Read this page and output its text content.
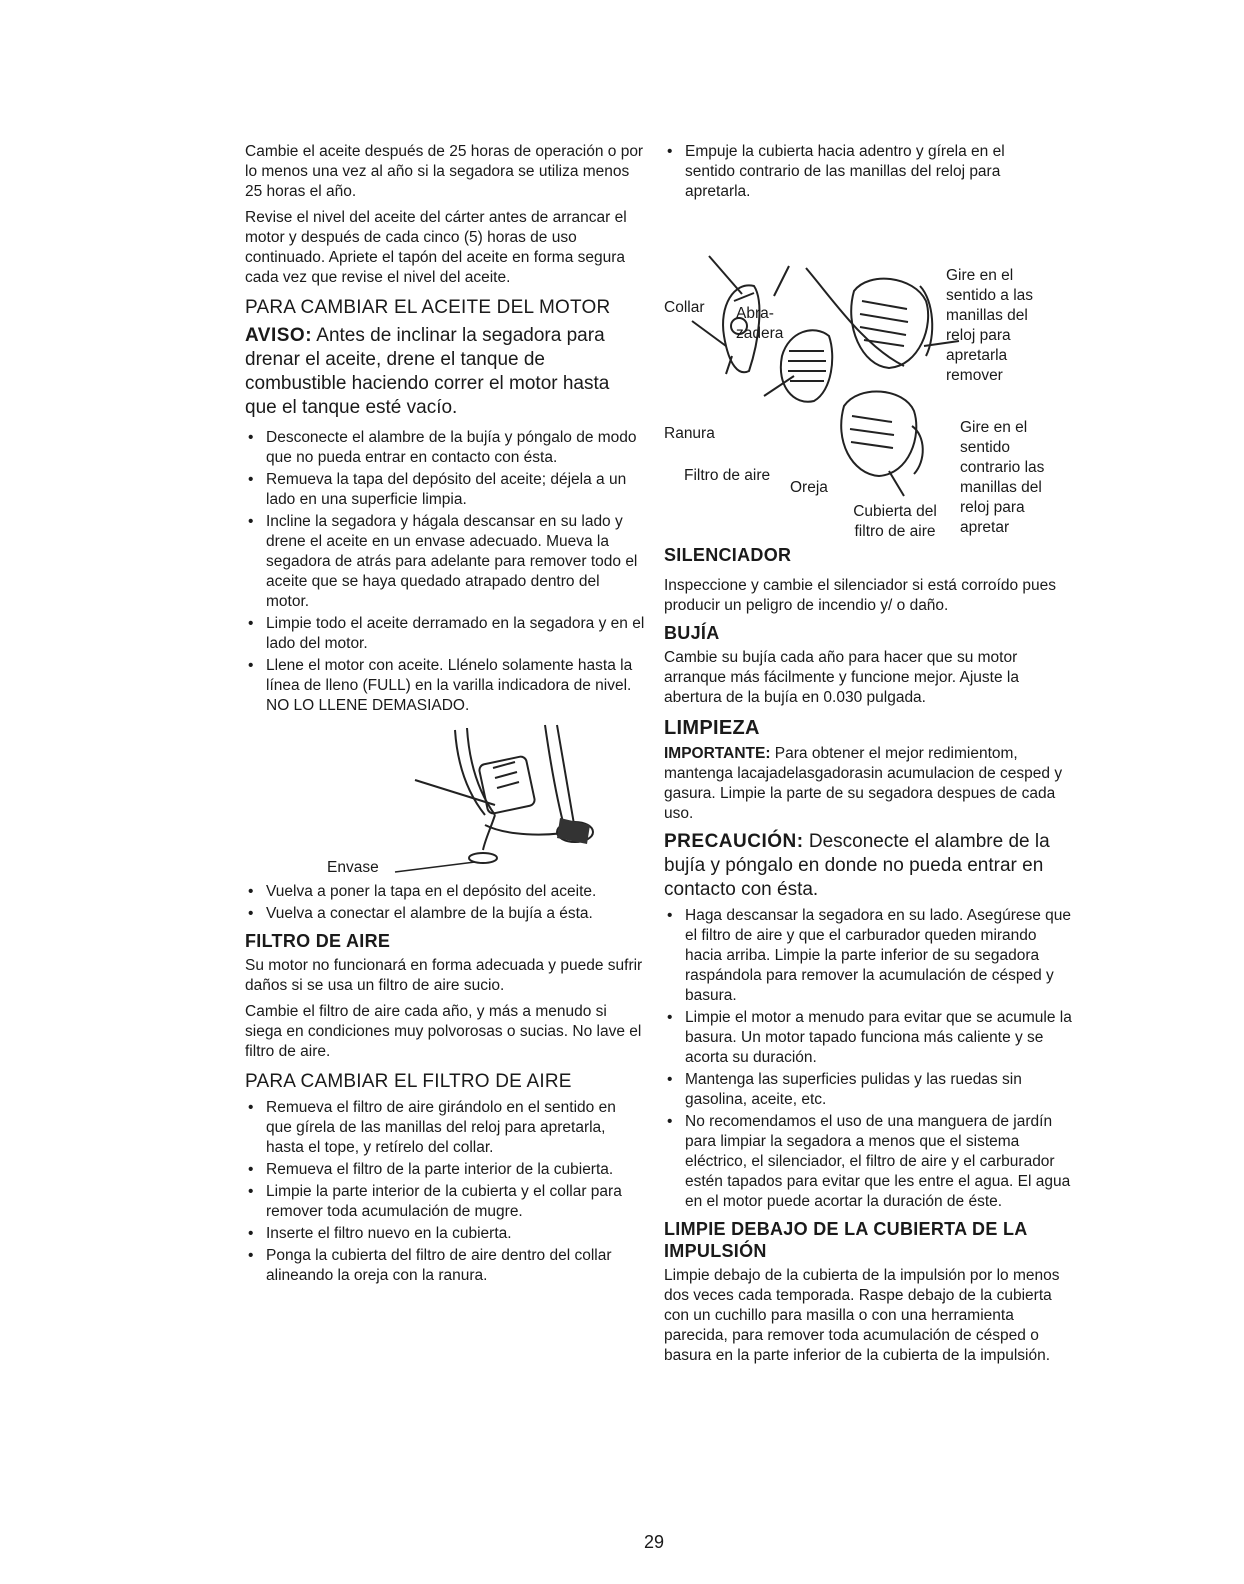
Cambie el aceite después de 25 horas de operación o por lo menos una vez al año si la segadora se utiliza menos 25 horas el año.

Revise el nivel del aceite del cárter antes de arrancar el motor y después de cada cinco (5) horas de uso continuado. Apriete el tapón del aceite en forma segura cada vez que revise el nivel del aceite.

PARA CAMBIAR EL ACEITE DEL MOTOR
AVISO: Antes de inclinar la segadora para drenar el aceite, drene el tanque de combustible haciendo correr el motor hasta que el tanque esté vacío.
• Desconecte el alambre de la bujía y póngalo de modo que no pueda entrar en contacto con ésta.
• Remueva la tapa del depósito del aceite; déjela a un lado en una superficie limpia.
• Incline la segadora y hágala descansar en su lado y drene el aceite en un envase adecuado. Mueva la segadora de atrás para adelante para remover todo el aceite que se haya quedado atrapado dentro del motor.
• Limpie todo el aceite derramado en la segadora y en el lado del motor.
• Llene el motor con aceite. Llénelo solamente hasta la línea de lleno (FULL) en la varilla indicadora de nivel. NO LO LLENE DEMASIADO.
Envase
• Vuelva a poner la tapa en el depósito del aceite.
• Vuelva a conectar el alambre de la bujía a ésta.
FILTRO DE AIRE

Su motor no funcionará en forma adecuada y puede sufrir daños si se usa un filtro de aire sucio.

Cambie el filtro de aire cada año, y más a menudo si siega en condiciones muy polvorosas o sucias. No lave el filtro de aire.

PARA CAMBIAR EL FILTRO DE AIRE
• Remueva el filtro de aire girándolo en el sentido en que gírela de las manillas del reloj para apretarla, hasta el tope, y retírelo del collar.
• Remueva el filtro de la parte interior de la cubierta.
• Limpie la parte interior de la cubierta y el collar para remover toda acumulación de mugre.
• Inserte el filtro nuevo en la cubierta.
• Ponga la cubierta del filtro de aire dentro del collar alineando la oreja con la ranura.
• Empuje la cubierta hacia adentro y gírela en el sentido contrario de las manillas del reloj para apretarla.
Collar Abra- zadera
Gire en el sentido a las manillas del reloj para apretarla remover
Ranura	Gire en el sentido contrario las manillas del reloj para apretar
Filtro de aire
Oreja
Cubierta del filtro de aire
SILENCIADOR

Inspeccione y cambie el silenciador si está corroído pues producir un peligro de incendio y/ o daño.

BUJÍA

Cambie su bujía cada año para hacer que su motor arranque más fácilmente y funcione mejor. Ajuste la abertura de la bujía en 0.030 pulgada.

LIMPIEZA

IMPORTANTE: Para obtener el mejor redimientom, mantenga lacajadelasgadorasin acumulacion de cesped y gasura. Limpie la parte de su segadora despues de cada uso.

PRECAUCIÓN: Desconecte el alambre de la bujía y póngalo en donde no pueda entrar en contacto con ésta.
• Haga descansar la segadora en su lado. Asegúrese que el filtro de aire y que el carburador queden mirando hacia arriba. Limpie la parte inferior de su segadora raspándola para remover la acumulación de césped y basura.
• Limpie el motor a menudo para evitar que se acumule la basura. Un motor tapado funciona más caliente y se acorta su duración.
• Mantenga las superficies pulidas y las ruedas sin gasolina, aceite, etc.
• No recomendamos el uso de una manguera de jardín para limpiar la segadora a menos que el sistema eléctrico, el silenciador, el filtro de aire y el carburador estén tapados para evitar que les entre el agua. El agua en el motor puede acortar la duración de éste.
LIMPIE DEBAJO DE LA CUBIERTA DE LA IMPULSIÓN

Limpie debajo de la cubierta de la impulsión por lo menos dos veces cada temporada. Raspe debajo de la cubierta con un cuchillo para masilla o con una herramienta parecida, para remover toda acumulación de césped o basura en la parte inferior de la cubierta de la impulsión.

29
